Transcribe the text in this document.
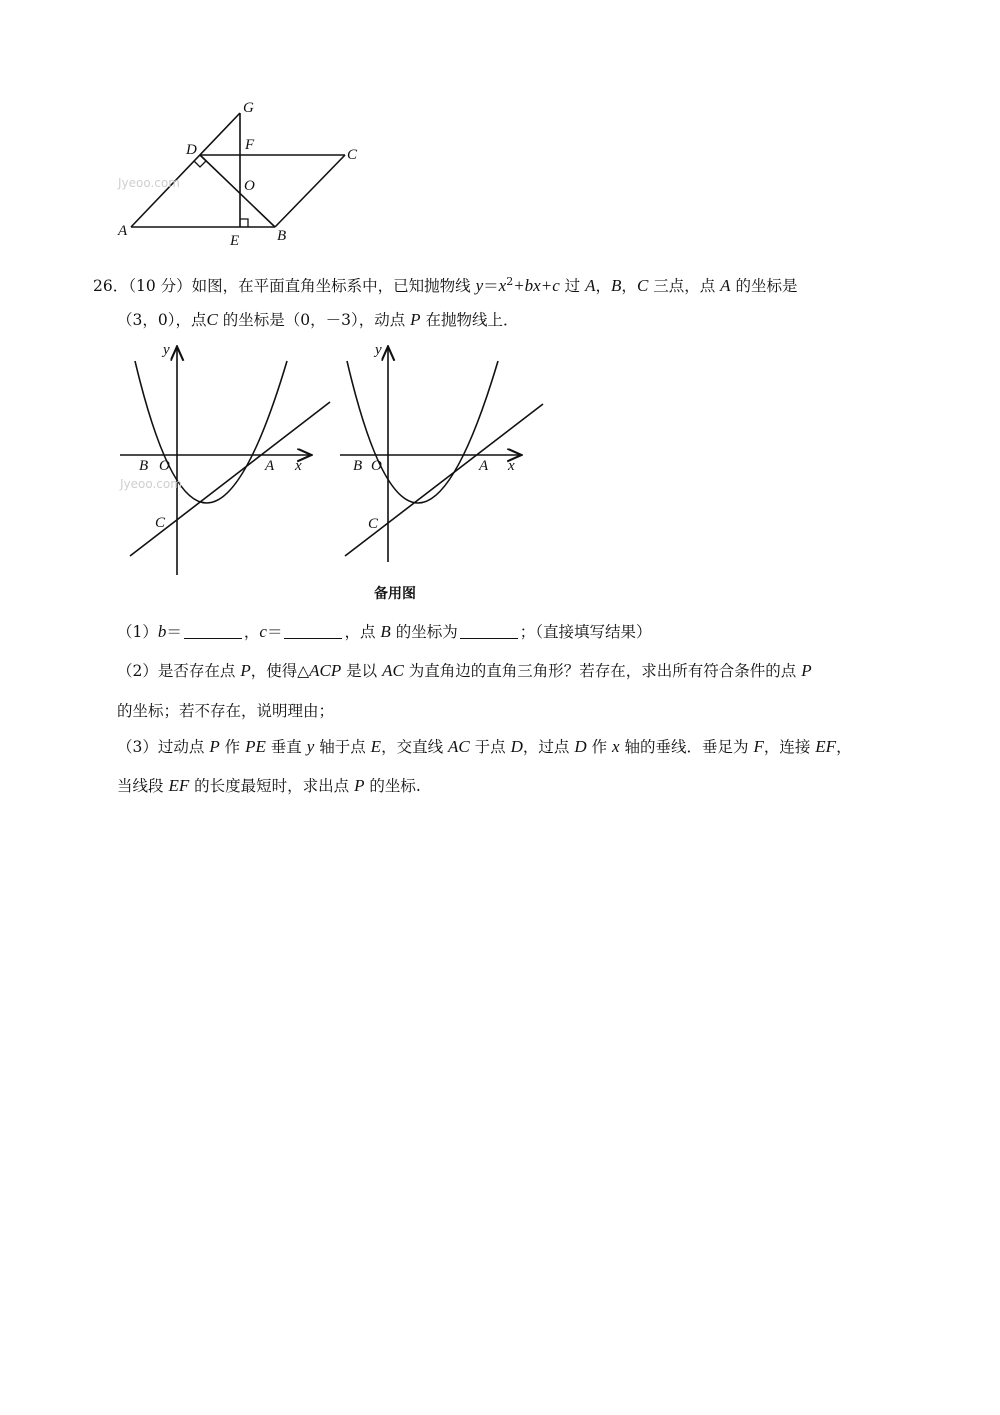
Jyeoo.com
G
D	F
C
O
A
E	B
26．（10 分）如图，在平面直角坐标系中，已知抛物线 $y=x^2+bx+c$ 过 A，B，C 三点，点 A 的坐标是
（3，0），点C 的坐标是（0，－3），动点 P 在抛物线上．
Jyeoo.com
y
B O	A x
C
y
B O	A x
C
备用图
（1）b＝	，c＝	，点 B 的坐标为	；（直接填写结果）
（2）是否存在点 P，使得△ACP 是以 AC 为直角边的直角三角形？若存在，求出所有符合条件的点 P
的坐标；若不存在，说明理由；
（3）过动点 P 作 PE 垂直 y 轴于点 E，交直线 AC 于点 D，过点 D 作 x 轴的垂线．垂足为 F，连接 EF，
当线段 EF 的长度最短时，求出点 P 的坐标.
